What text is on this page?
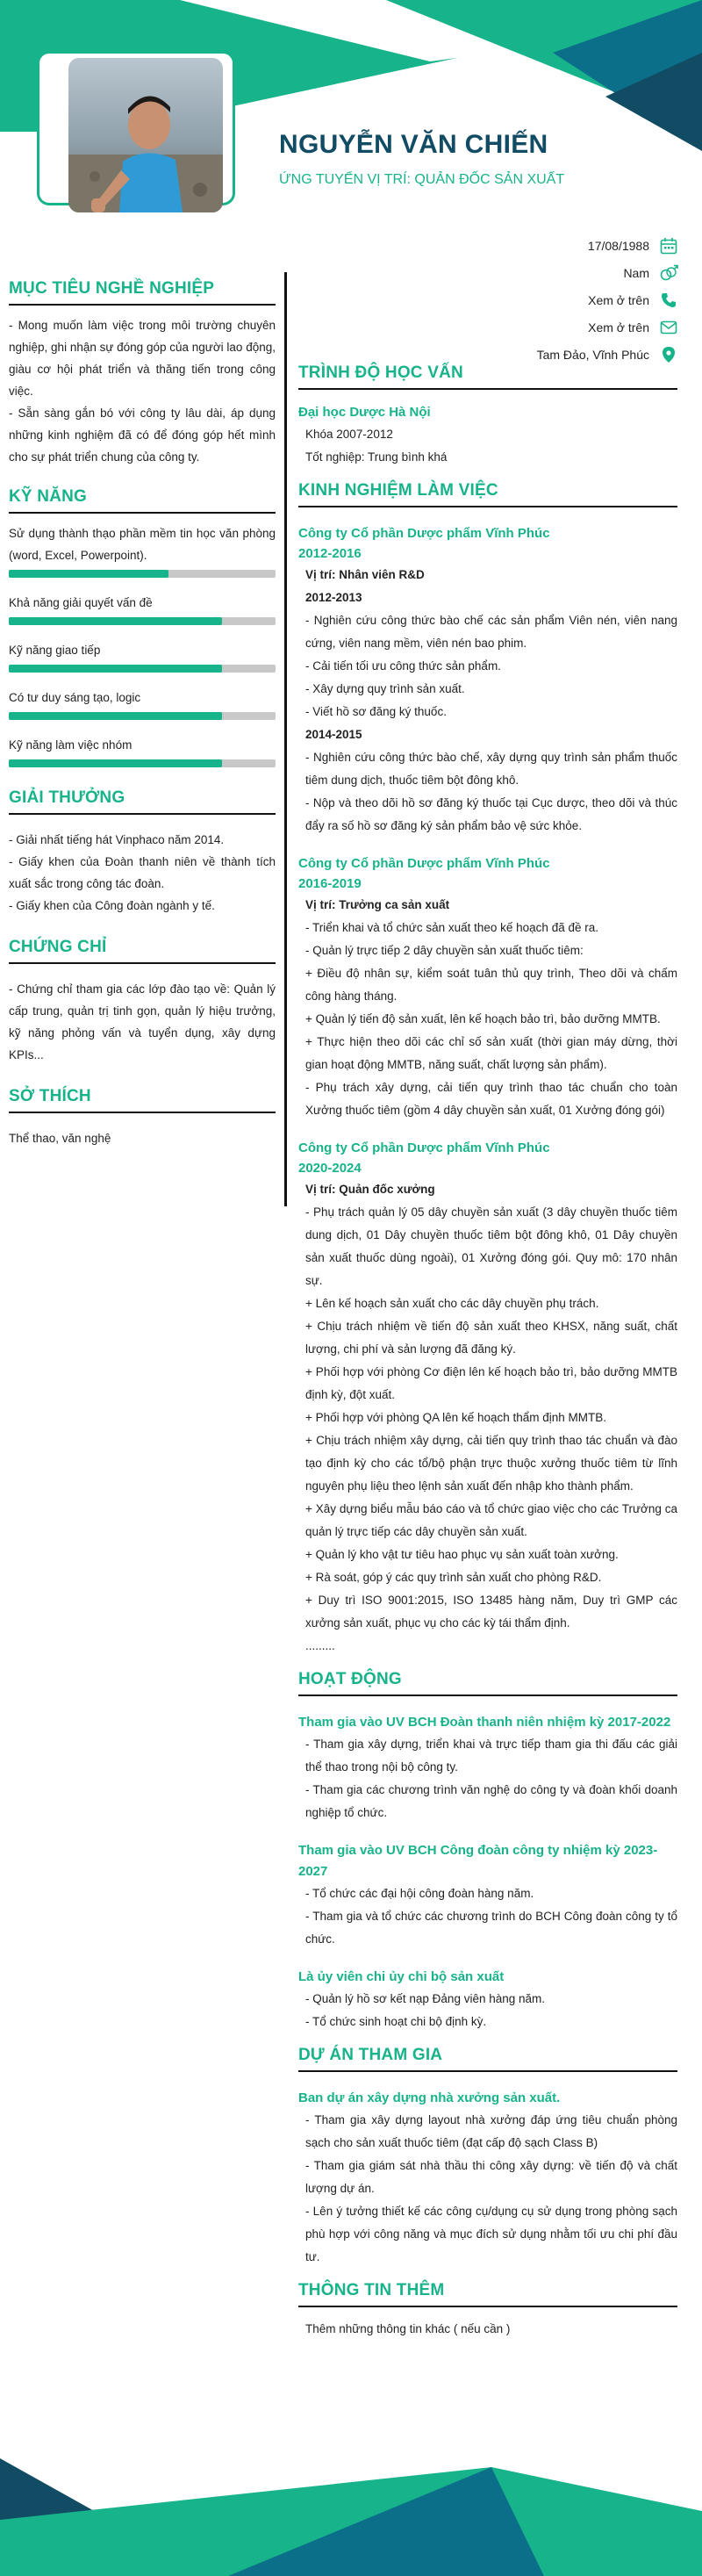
NGUYỄN VĂN CHIẾN
ỨNG TUYỂN VỊ TRÍ: QUẢN ĐỐC SẢN XUẤT
17/08/1988
Nam
Xem ở trên
Xem ở trên
Tam Đảo, Vĩnh Phúc
MỤC TIÊU NGHỀ NGHIỆP
- Mong muốn làm việc trong môi trường chuyên nghiệp, ghi nhận sự đóng góp của người lao động, giàu cơ hội phát triển và thăng tiến trong công việc.
- Sẵn sàng gắn bó với công ty lâu dài, áp dụng những kinh nghiệm đã có để đóng góp hết mình cho sự phát triển chung của công ty.
KỸ NĂNG
Sử dụng thành thạo phần mềm tin học văn phòng (word, Excel, Powerpoint).
Khả năng giải quyết vấn đề
Kỹ năng giao tiếp
Có tư duy sáng tạo, logic
Kỹ năng làm việc nhóm
GIẢI THƯỞNG
- Giải nhất tiếng hát Vinphaco năm 2014.
- Giấy khen của Đoàn thanh niên về thành tích xuất sắc trong công tác đoàn.
- Giấy khen của Công đoàn ngành y tế.
CHỨNG CHỈ
- Chứng chỉ tham gia các lớp đào tạo về: Quản lý cấp trung, quản trị tinh gọn, quản lý hiệu trưởng, kỹ năng phỏng vấn và tuyển dụng, xây dựng KPIs...
SỞ THÍCH
Thể thao, văn nghệ
TRÌNH ĐỘ HỌC VẤN
Đại học Dược Hà Nội
Khóa 2007-2012
Tốt nghiệp: Trung bình khá
KINH NGHIỆM LÀM VIỆC
Công ty Cổ phần Dược phẩm Vĩnh Phúc
2012-2016
Vị trí: Nhân viên R&D
2012-2013
- Nghiên cứu công thức bào chế các sản phẩm Viên nén, viên nang cứng, viên nang mềm, viên nén bao phim.
- Cải tiến tối ưu công thức sản phẩm.
- Xây dựng quy trình sản xuất.
- Viết hồ sơ đăng ký thuốc.
2014-2015
- Nghiên cứu công thức bào chế, xây dựng quy trình sản phẩm thuốc tiêm dung dịch, thuốc tiêm bột đông khô.
- Nộp và theo dõi hồ sơ đăng ký thuốc tại Cục dược, theo dõi và thúc đẩy ra số hồ sơ đăng ký sản phẩm bảo vệ sức khỏe.
Công ty Cổ phần Dược phẩm Vĩnh Phúc
2016-2019
Vị trí: Trưởng ca sản xuất
- Triển khai và tổ chức sản xuất theo kế hoạch đã đề ra.
- Quản lý trực tiếp 2 dây chuyền sản xuất thuốc tiêm:
+ Điều độ nhân sự, kiểm soát tuân thủ quy trình, Theo dõi và chấm công hàng tháng.
+ Quản lý tiến độ sản xuất, lên kế hoạch bảo trì, bảo dưỡng MMTB.
+ Thực hiện theo dõi các chỉ số sản xuất (thời gian máy dừng, thời gian hoạt động MMTB, năng suất, chất lượng sản phẩm).
- Phụ trách xây dựng, cải tiến quy trình thao tác chuẩn cho toàn Xưởng thuốc tiêm (gồm 4 dây chuyền sản xuất, 01 Xưởng đóng gói)
Công ty Cổ phần Dược phẩm Vĩnh Phúc
2020-2024
Vị trí: Quản đốc xưởng
- Phụ trách quản lý 05 dây chuyền sản xuất (3 dây chuyền thuốc tiêm dung dịch, 01 Dây chuyền thuốc tiêm bột đông khô, 01 Dây chuyền sản xuất thuốc dùng ngoài), 01 Xưởng đóng gói. Quy mô: 170 nhân sự.
+ Lên kế hoạch sản xuất cho các dây chuyền phụ trách.
+ Chịu trách nhiệm về tiến độ sản xuất theo KHSX, năng suất, chất lượng, chi phí và sản lượng đã đăng ký.
+ Phối hợp với phòng Cơ điện lên kế hoạch bảo trì, bảo dưỡng MMTB định kỳ, đột xuất.
+ Phối hợp với phòng QA lên kế hoạch thẩm định MMTB.
+ Chịu trách nhiệm xây dựng, cải tiến quy trình thao tác chuẩn và đào tạo định kỳ cho các tổ/bộ phận trực thuộc xưởng thuốc tiêm từ lĩnh nguyên phụ liệu theo lệnh sản xuất đến nhập kho thành phẩm.
+ Xây dựng biểu mẫu báo cáo và tổ chức giao việc cho các Trưởng ca quản lý trực tiếp các dây chuyền sản xuất.
+ Quản lý kho vật tư tiêu hao phục vụ sản xuất toàn xưởng.
+ Rà soát, góp ý các quy trình sản xuất cho phòng R&D.
+ Duy trì ISO 9001:2015, ISO 13485 hàng năm, Duy trì GMP các xưởng sản xuất, phục vụ cho các kỳ tái thẩm định.
.........
HOẠT ĐỘNG
Tham gia vào UV BCH Đoàn thanh niên nhiệm kỳ 2017-2022
- Tham gia xây dựng, triển khai và trực tiếp tham gia thi đấu các giải thể thao trong nội bộ công ty.
- Tham gia các chương trình văn nghệ do công ty và đoàn khối doanh nghiệp tổ chức.
Tham gia vào UV BCH Công đoàn công ty nhiệm kỳ 2023-2027
- Tổ chức các đại hội công đoàn hàng năm.
- Tham gia và tổ chức các chương trình do BCH Công đoàn công ty tổ chức.
Là ủy viên chi ủy chi bộ sản xuất
- Quản lý hồ sơ kết nạp Đảng viên hàng năm.
- Tổ chức sinh hoạt chi bộ định kỳ.
DỰ ÁN THAM GIA
Ban dự án xây dựng nhà xưởng sản xuất.
- Tham gia xây dựng layout nhà xưởng đáp ứng tiêu chuẩn phòng sạch cho sản xuất thuốc tiêm (đạt cấp độ sạch Class B)
- Tham gia giám sát nhà thầu thi công xây dựng: về tiến độ và chất lượng dự án.
- Lên ý tưởng thiết kế các công cụ/dụng cụ sử dụng trong phòng sạch phù hợp với công năng và mục đích sử dụng nhằm tối ưu chi phí đầu tư.
THÔNG TIN THÊM
Thêm những thông tin khác ( nếu cần )
